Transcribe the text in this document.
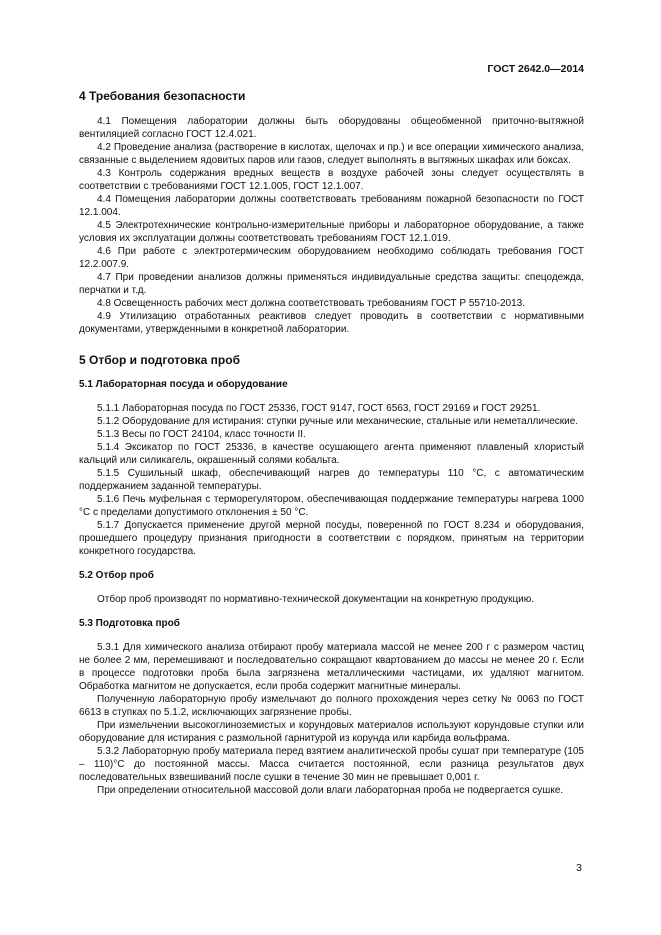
ГОСТ 2642.0—2014
4 Требования безопасности

4.1 Помещения лаборатории должны быть оборудованы общеобменной приточно-вытяжной вентиляцией согласно ГОСТ 12.4.021.

4.2 Проведение анализа (растворение в кислотах, щелочах и пр.) и все операции химического анализа, связанные с выделением ядовитых паров или газов, следует выполнять в вытяжных шкафах или боксах.

4.3 Контроль содержания вредных веществ в воздухе рабочей зоны следует осуществлять в соответствии с требованиями ГОСТ 12.1.005, ГОСТ 12.1.007.

4.4 Помещения лаборатории должны соответствовать требованиям пожарной безопасности по ГОСТ 12.1.004.

4.5 Электротехнические контрольно-измерительные приборы и лабораторное оборудование, а также условия их эксплуатации должны соответствовать требованиям ГОСТ 12.1.019.

4.6 При работе с электротермическим оборудованием необходимо соблюдать требования ГОСТ 12.2.007.9.

4.7 При проведении анализов должны применяться индивидуальные средства защиты: спецодежда, перчатки и т.д.

4.8 Освещенность рабочих мест должна соответствовать требованиям ГОСТ Р 55710-2013.

4.9 Утилизацию отработанных реактивов следует проводить в соответствии с нормативными документами, утвержденными в конкретной лаборатории.

5 Отбор и подготовка проб
5.1 Лабораторная посуда и оборудование

5.1.1 Лабораторная посуда по ГОСТ 25336, ГОСТ 9147, ГОСТ 6563, ГОСТ 29169 и ГОСТ 29251.

5.1.2 Оборудование для истирания: ступки ручные или механические, стальные или неметаллические.

5.1.3 Весы по ГОСТ 24104, класс точности II.

5.1.4 Эксикатор по ГОСТ 25336, в качестве осушающего агента применяют плавленый хлористый кальций или силикагель, окрашенный солями кобальта.

5.1.5 Сушильный шкаф, обеспечивающий нагрев до температуры 110 °С, с автоматическим поддержанием заданной температуры.

5.1.6 Печь муфельная с терморегулятором, обеспечивающая поддержание температуры нагрева 1000 °С с пределами допустимого отклонения ± 50 °С.

5.1.7 Допускается применение другой мерной посуды, поверенной по ГОСТ 8.234 и оборудования, прошедшего процедуру признания пригодности в соответствии с порядком, принятым на территории конкретного государства.

5.2 Отбор проб

Отбор проб производят по нормативно-технической документации на конкретную продукцию.

5.3 Подготовка проб

5.3.1 Для химического анализа отбирают пробу материала массой не менее 200 г с размером частиц не более 2 мм, перемешивают и последовательно сокращают квартованием до массы не менее 20 г. Если в процессе подготовки проба была загрязнена металлическими частицами, их удаляют магнитом. Обработка магнитом не допускается, если проба содержит магнитные минералы.

Полученную лабораторную пробу измельчают до полного прохождения через сетку № 0063 по ГОСТ 6613 в ступках по 5.1.2, исключающих загрязнение пробы.

При измельчении высокоглиноземистых и корундовых материалов используют корундовые ступки или оборудование для истирания с размольной гарнитурой из корунда или карбида вольфрама.

5.3.2 Лабораторную пробу материала перед взятием аналитической пробы сушат при температуре (105 – 110)°С до постоянной массы. Масса считается постоянной, если разница результатов двух последовательных взвешиваний после сушки в течение 30 мин не превышает 0,001 г.

При определении относительной массовой доли влаги лабораторная проба не подвергается сушке.

3
